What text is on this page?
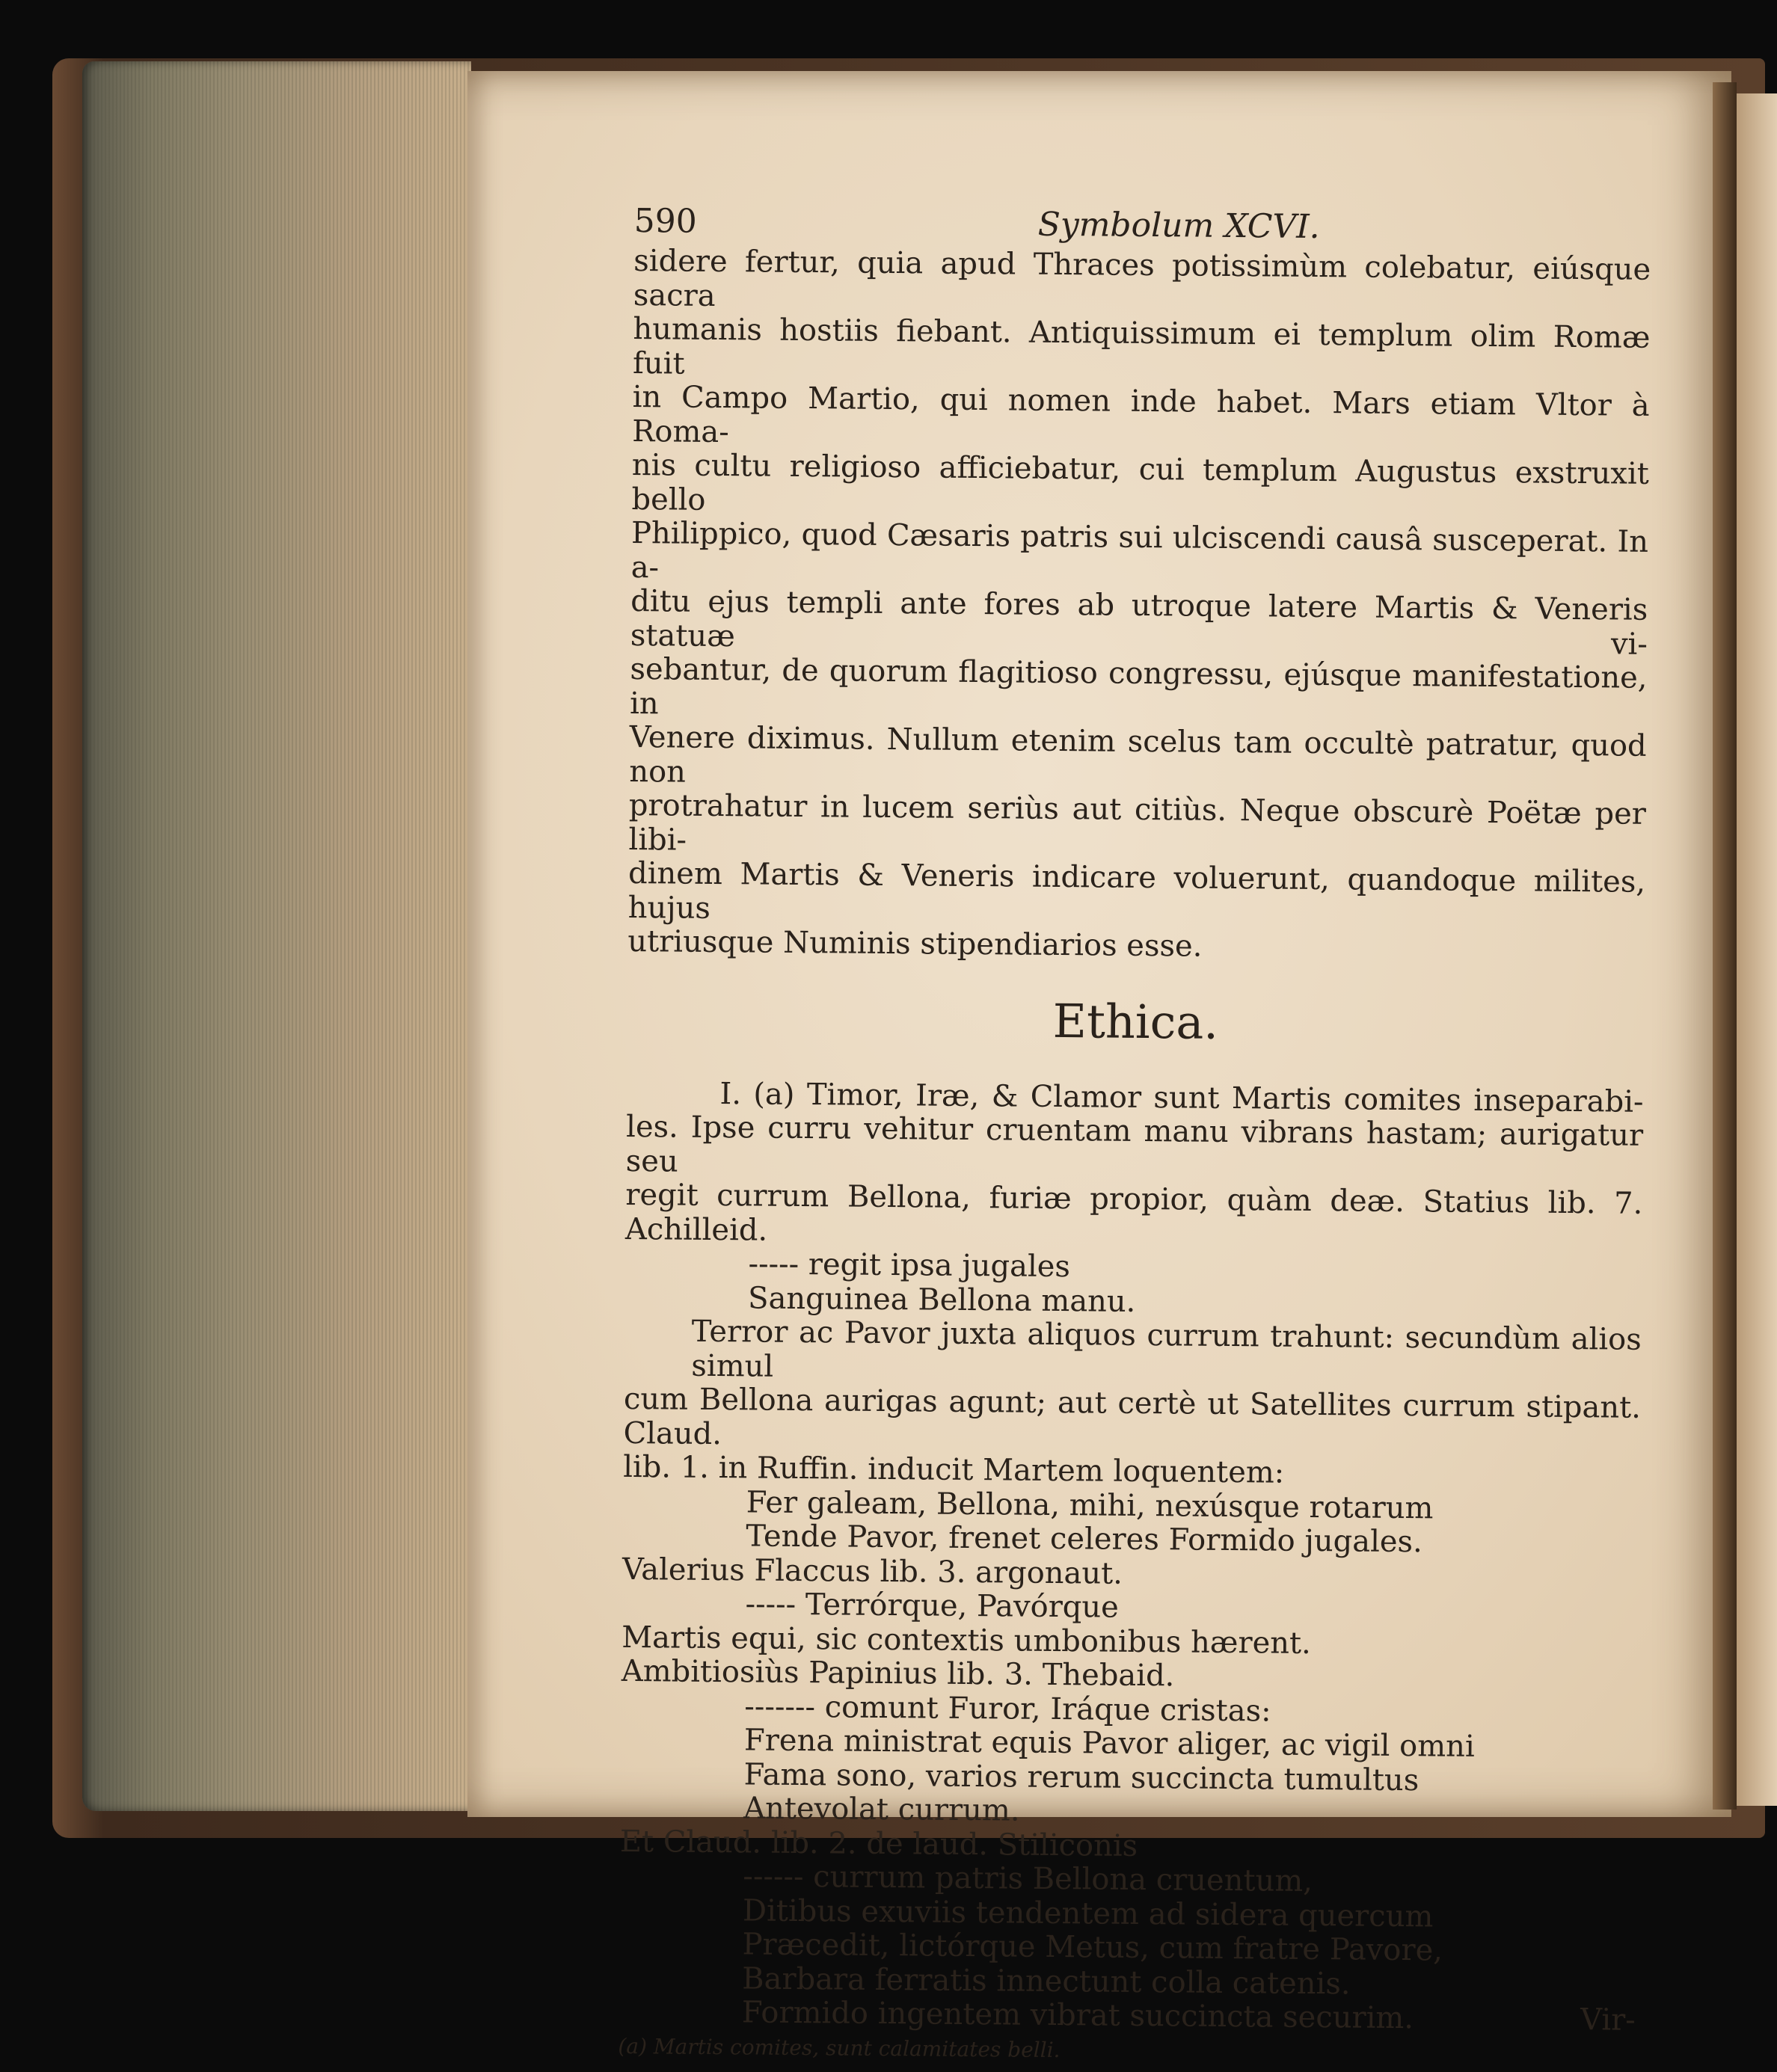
590	Symbolum XCVI.
sidere fertur, quia apud Thraces potissimùm colebatur, eiúsque sacra
humanis hostiis fiebant. Antiquissimum ei templum olim Romæ fuit
in Campo Martio, qui nomen inde habet. Mars etiam Vltor à Roma-
nis cultu religioso afficiebatur, cui templum Augustus exstruxit bello
Philippico, quod Cæsaris patris sui ulciscendi causâ susceperat. In a-
ditu ejus templi ante fores ab utroque latere Martis & Veneris statuæ vi-
sebantur, de quorum flagitioso congressu, ejúsque manifestatione, in
Venere diximus. Nullum etenim scelus tam occultè patratur, quod non
protrahatur in lucem seriùs aut citiùs. Neque obscurè Poëtæ per libi-
dinem Martis & Veneris indicare voluerunt, quandoque milites, hujus
utriusque Numinis stipendiarios esse.
Ethica.
I. (a) Timor, Iræ, & Clamor sunt Martis comites inseparabi-
les. Ipse curru vehitur cruentam manu vibrans hastam; aurigatur seu
regit currum Bellona, furiæ propior, quàm deæ. Statius lib. 7. Achilleid.
----- regit ipsa jugales
Sanguinea Bellona manu.
Terror ac Pavor juxta aliquos currum trahunt: secundùm alios simul
cum Bellona aurigas agunt; aut certè ut Satellites currum stipant. Claud.
lib. 1. in Ruffin. inducit Martem loquentem:
Fer galeam, Bellona, mihi, nexúsque rotarum
Tende Pavor, frenet celeres Formido jugales.
Valerius Flaccus lib. 3. argonaut.
----- Terrórque, Pavórque
Martis equi, sic contextis umbonibus hærent.
Ambitiosiùs Papinius lib. 3. Thebaid.
------- comunt Furor, Iráque cristas:
Frena ministrat equis Pavor aliger, ac vigil omni
Fama sono, varios rerum succincta tumultus
Antevolat currum.
Et Claud. lib. 2. de laud. Stiliconis
------ currum patris Bellona cruentum,
Ditibus exuviis tendentem ad sidera quercum
Præcedit, lictórque Metus, cum fratre Pavore,
Barbara ferratis innectunt colla catenis.
Formido ingentem vibrat succincta securim.	Vir-
(a) Martis comites, sunt calamitates belli.
